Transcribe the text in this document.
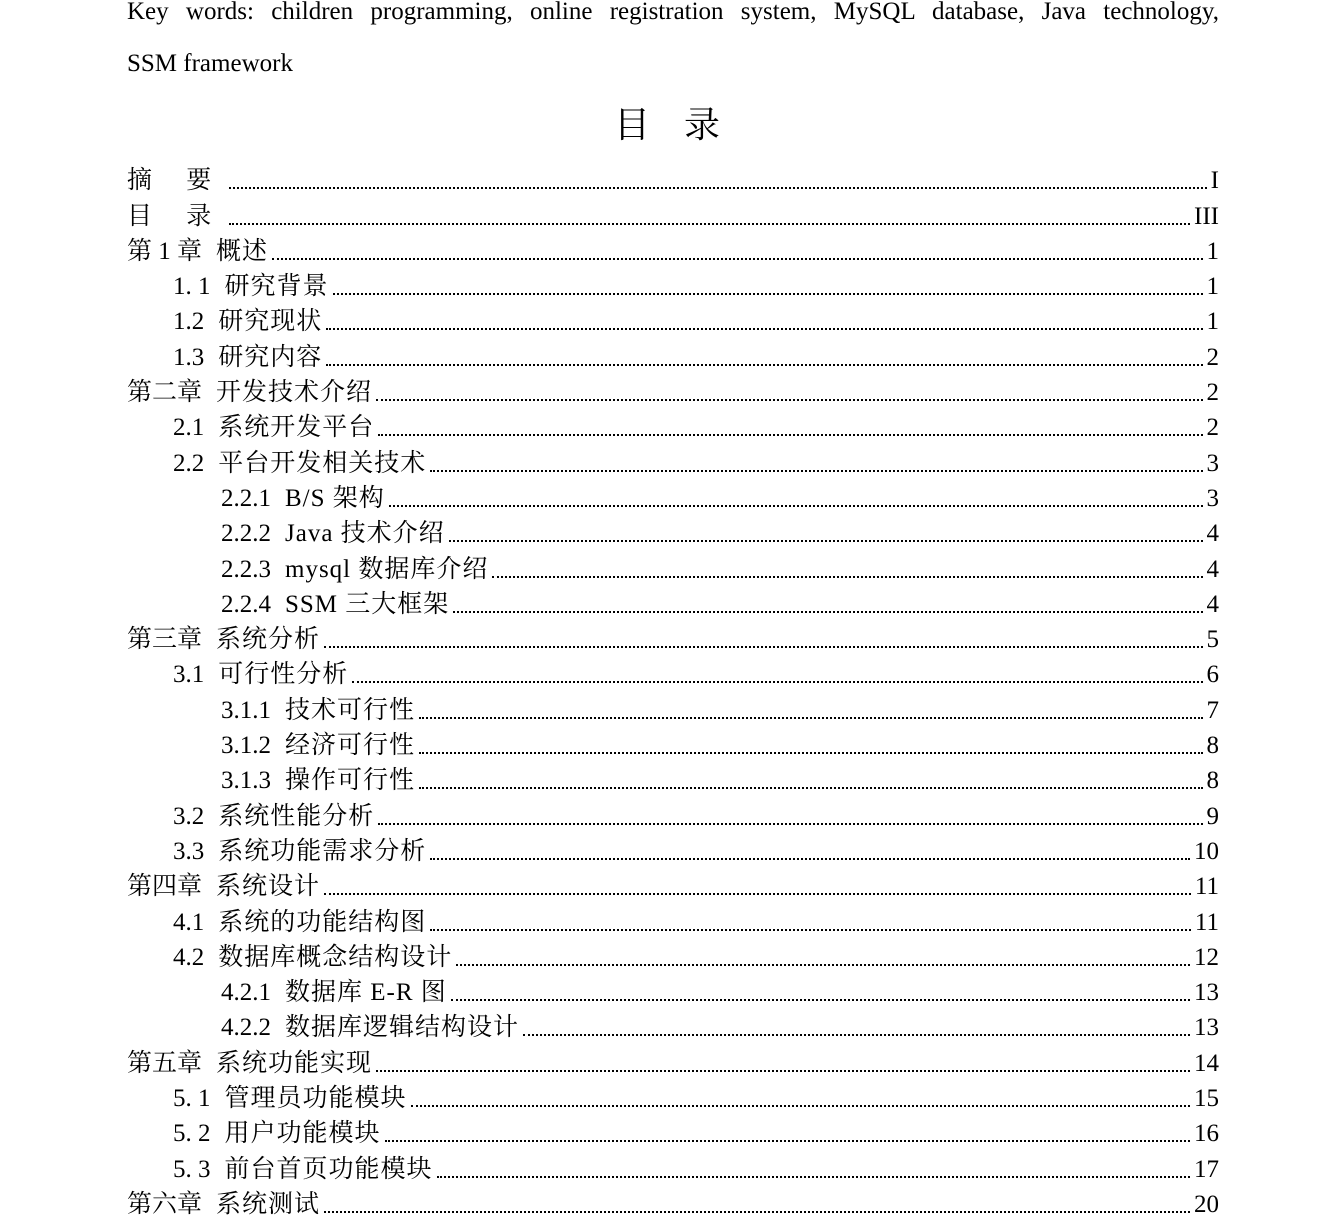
Key words: children programming, online registration system, MySQL database, Java technology,
SSM framework
目录
摘 要	I
目 录	III
第 1 章 概述	1
1. 1 研究背景	1
1.2 研究现状	1
1.3 研究内容	2
第二章 开发技术介绍	2
2.1 系统开发平台	2
2.2 平台开发相关技术	3
2.2.1 B/S 架构	3
2.2.2 Java 技术介绍	4
2.2.3 mysql 数据库介绍	4
2.2.4 SSM 三大框架	4
第三章 系统分析	5
3.1 可行性分析	6
3.1.1 技术可行性	7
3.1.2 经济可行性	8
3.1.3 操作可行性	8
3.2 系统性能分析	9
3.3 系统功能需求分析	10
第四章 系统设计	11
4.1 系统的功能结构图	11
4.2 数据库概念结构设计	12
4.2.1 数据库 E-R 图	13
4.2.2 数据库逻辑结构设计	13
第五章 系统功能实现	14
5. 1 管理员功能模块	15
5. 2 用户功能模块	16
5. 3 前台首页功能模块	17
第六章 系统测试	20
